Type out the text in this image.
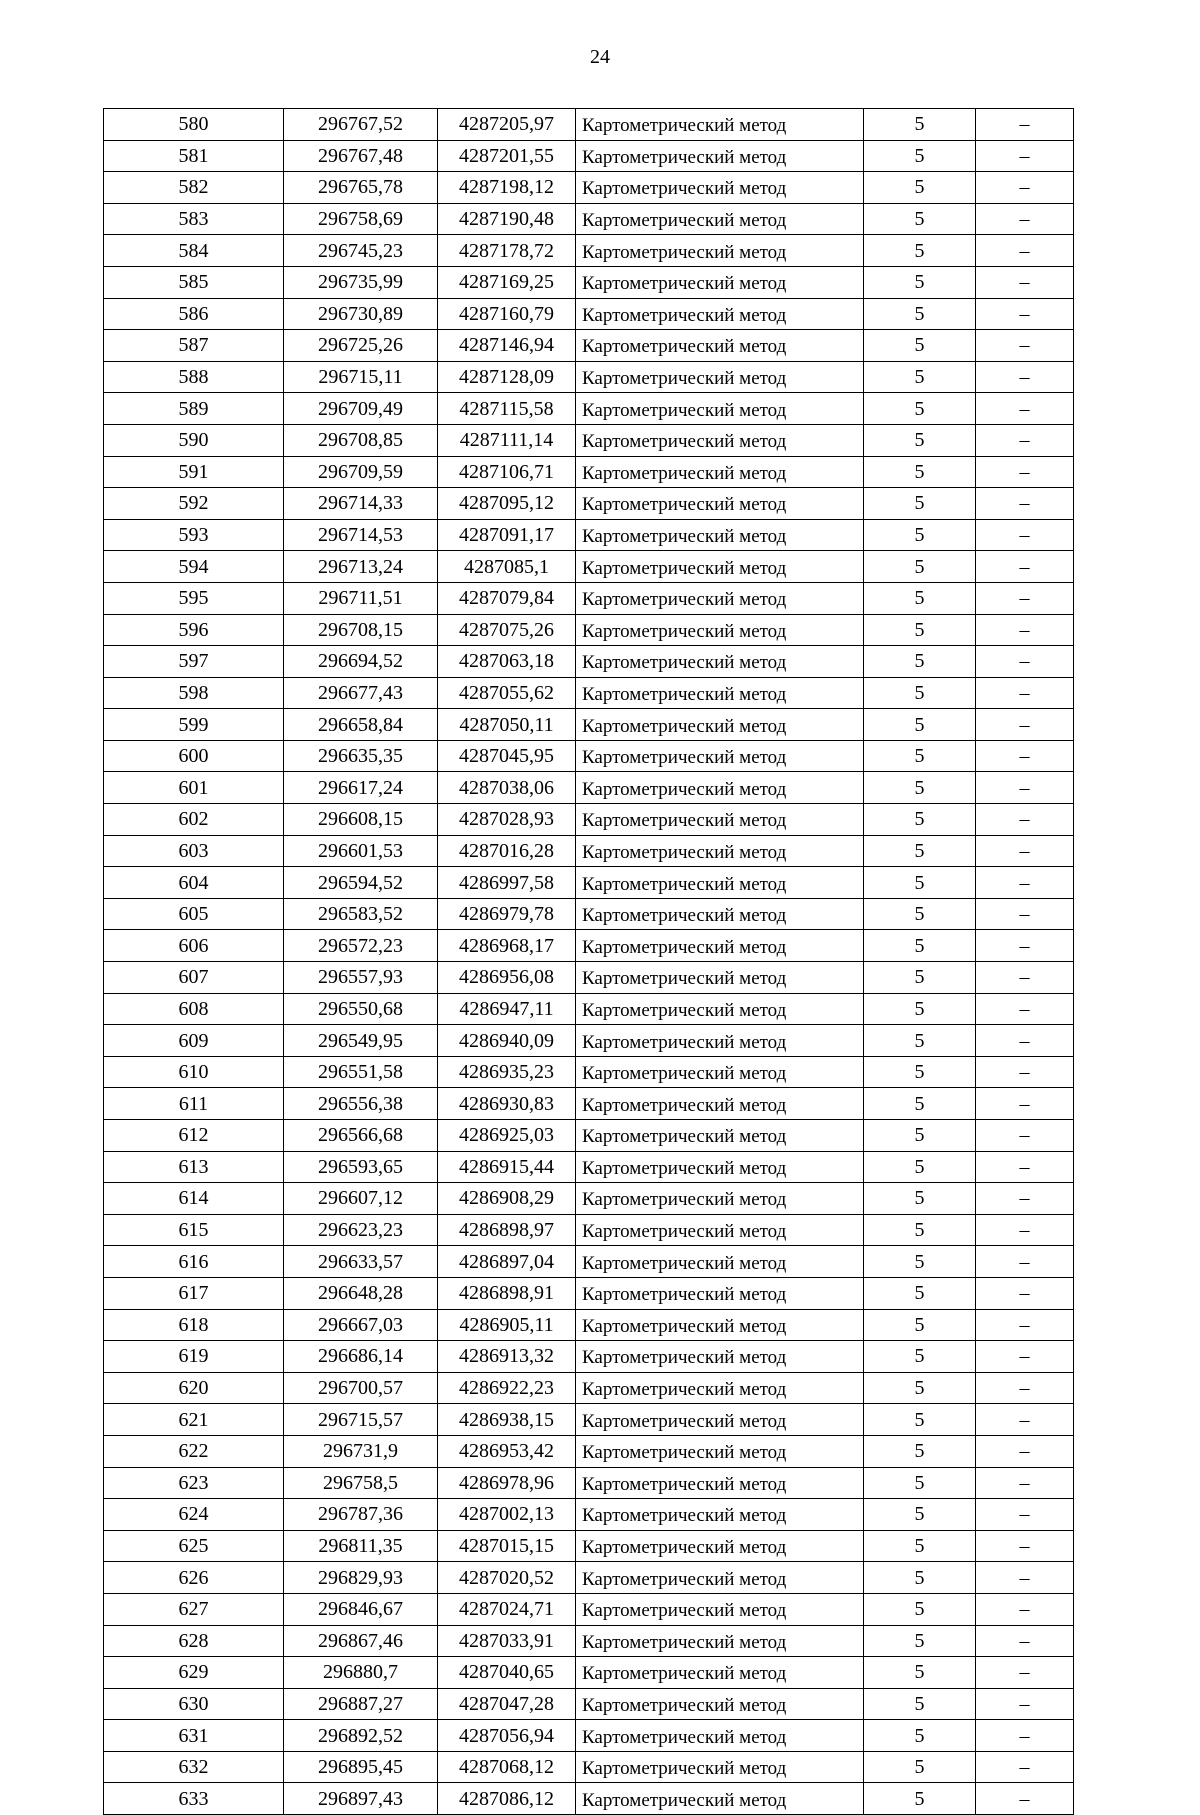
24
580	296767,52	4287205,97	Картометрический метод	5	–
581	296767,48	4287201,55	Картометрический метод	5	–
582	296765,78	4287198,12	Картометрический метод	5	–
583	296758,69	4287190,48	Картометрический метод	5	–
584	296745,23	4287178,72	Картометрический метод	5	–
585	296735,99	4287169,25	Картометрический метод	5	–
586	296730,89	4287160,79	Картометрический метод	5	–
587	296725,26	4287146,94	Картометрический метод	5	–
588	296715,11	4287128,09	Картометрический метод	5	–
589	296709,49	4287115,58	Картометрический метод	5	–
590	296708,85	4287111,14	Картометрический метод	5	–
591	296709,59	4287106,71	Картометрический метод	5	–
592	296714,33	4287095,12	Картометрический метод	5	–
593	296714,53	4287091,17	Картометрический метод	5	–
594	296713,24	4287085,1	Картометрический метод	5	–
595	296711,51	4287079,84	Картометрический метод	5	–
596	296708,15	4287075,26	Картометрический метод	5	–
597	296694,52	4287063,18	Картометрический метод	5	–
598	296677,43	4287055,62	Картометрический метод	5	–
599	296658,84	4287050,11	Картометрический метод	5	–
600	296635,35	4287045,95	Картометрический метод	5	–
601	296617,24	4287038,06	Картометрический метод	5	–
602	296608,15	4287028,93	Картометрический метод	5	–
603	296601,53	4287016,28	Картометрический метод	5	–
604	296594,52	4286997,58	Картометрический метод	5	–
605	296583,52	4286979,78	Картометрический метод	5	–
606	296572,23	4286968,17	Картометрический метод	5	–
607	296557,93	4286956,08	Картометрический метод	5	–
608	296550,68	4286947,11	Картометрический метод	5	–
609	296549,95	4286940,09	Картометрический метод	5	–
610	296551,58	4286935,23	Картометрический метод	5	–
611	296556,38	4286930,83	Картометрический метод	5	–
612	296566,68	4286925,03	Картометрический метод	5	–
613	296593,65	4286915,44	Картометрический метод	5	–
614	296607,12	4286908,29	Картометрический метод	5	–
615	296623,23	4286898,97	Картометрический метод	5	–
616	296633,57	4286897,04	Картометрический метод	5	–
617	296648,28	4286898,91	Картометрический метод	5	–
618	296667,03	4286905,11	Картометрический метод	5	–
619	296686,14	4286913,32	Картометрический метод	5	–
620	296700,57	4286922,23	Картометрический метод	5	–
621	296715,57	4286938,15	Картометрический метод	5	–
622	296731,9	4286953,42	Картометрический метод	5	–
623	296758,5	4286978,96	Картометрический метод	5	–
624	296787,36	4287002,13	Картометрический метод	5	–
625	296811,35	4287015,15	Картометрический метод	5	–
626	296829,93	4287020,52	Картометрический метод	5	–
627	296846,67	4287024,71	Картометрический метод	5	–
628	296867,46	4287033,91	Картометрический метод	5	–
629	296880,7	4287040,65	Картометрический метод	5	–
630	296887,27	4287047,28	Картометрический метод	5	–
631	296892,52	4287056,94	Картометрический метод	5	–
632	296895,45	4287068,12	Картометрический метод	5	–
633	296897,43	4287086,12	Картометрический метод	5	–
